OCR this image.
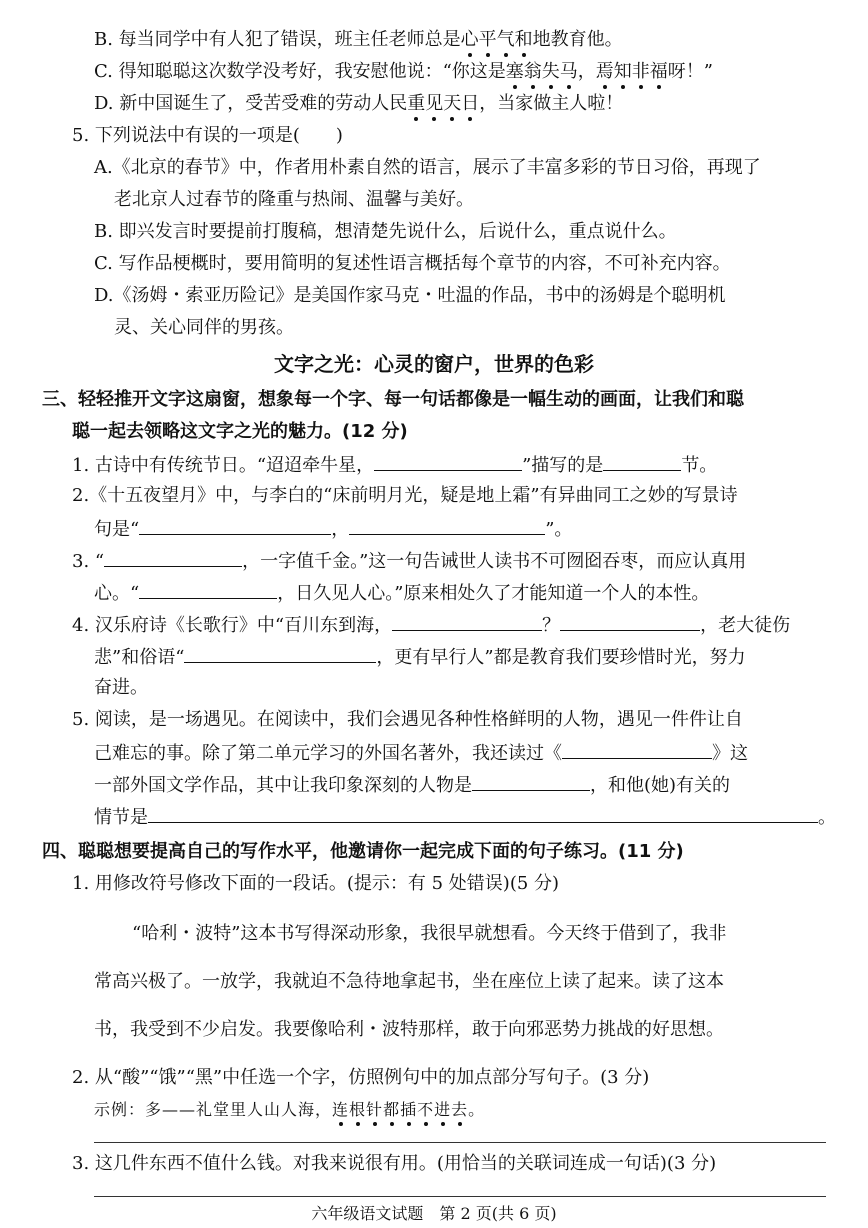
B. 每当同学中有人犯了错误，班主任老师总是心平气和地教育他。
C. 得知聪聪这次数学没考好，我安慰他说：“你这是塞翁失马，焉知非福呀！”
D. 新中国诞生了，受苦受难的劳动人民重见天日，当家做主人啦！
5. 下列说法中有误的一项是(　　)
A.《北京的春节》中，作者用朴素自然的语言，展示了丰富多彩的节日习俗，再现了
老北京人过春节的隆重与热闹、温馨与美好。
B. 即兴发言时要提前打腹稿，想清楚先说什么，后说什么，重点说什么。
C. 写作品梗概时，要用简明的复述性语言概括每个章节的内容，不可补充内容。
D.《汤姆・索亚历险记》是美国作家马克・吐温的作品，书中的汤姆是个聪明机
灵、关心同伴的男孩。
文字之光：心灵的窗户，世界的色彩
三、轻轻推开文字这扇窗，想象每一个字、每一句话都像是一幅生动的画面，让我们和聪
聪一起去领略这文字之光的魅力。(12 分)
1. 古诗中有传统节日。“迢迢牵牛星，	”描写的是	节。
2.《十五夜望月》中，与李白的“床前明月光，疑是地上霜”有异曲同工之妙的写景诗
句是“	，	”。
3. “	，一字值千金。”这一句告诫世人读书不可囫囵吞枣，而应认真用
心。“	，日久见人心。”原来相处久了才能知道一个人的本性。
4. 汉乐府诗《长歌行》中“百川东到海，	？	，老大徒伤
悲”和俗语“	，更有早行人”都是教育我们要珍惜时光，努力
奋进。
5. 阅读，是一场遇见。在阅读中，我们会遇见各种性格鲜明的人物，遇见一件件让自
己难忘的事。除了第二单元学习的外国名著外，我还读过《	》这
一部外国文学作品，其中让我印象深刻的人物是	，和他(她)有关的
情节是	。
四、聪聪想要提高自己的写作水平，他邀请你一起完成下面的句子练习。(11 分)
1. 用修改符号修改下面的一段话。(提示：有 5 处错误)(5 分)
“哈利・波特”这本书写得深动形象，我很早就想看。今天终于借到了，我非
常高兴极了。一放学，我就迫不急待地拿起书，坐在座位上读了起来。读了这本
书，我受到不少启发。我要像哈利・波特那样，敢于向邪恶势力挑战的好思想。
2. 从“酸”“饿”“黑”中任选一个字，仿照例句中的加点部分写句子。(3 分)
示例：多——礼堂里人山人海，连根针都插不进去。
3. 这几件东西不值什么钱。对我来说很有用。(用恰当的关联词连成一句话)(3 分)
六年级语文试题　第 2 页(共 6 页)
